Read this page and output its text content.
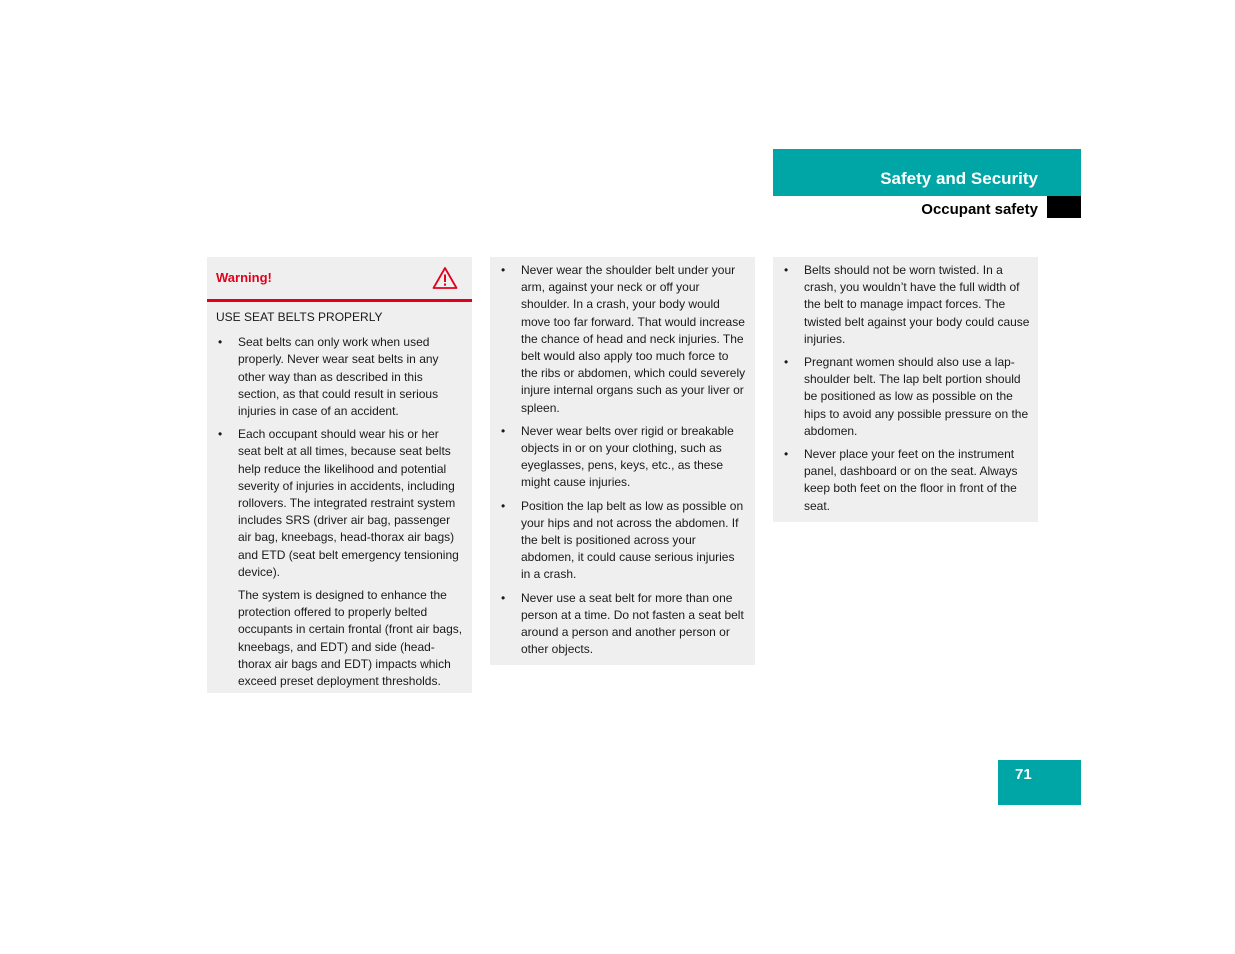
Safety and Security
Occupant safety

Warning!

USE SEAT BELTS PROPERLY

• Seat belts can only work when used properly. Never wear seat belts in any other way than as described in this section, as that could result in serious injuries in case of an accident.
• Each occupant should wear his or her seat belt at all times, because seat belts help reduce the likelihood and potential severity of injuries in accidents, including rollovers. The integrated restraint system includes SRS (driver air bag, passenger air bag, kneebags, head-thorax air bags) and ETD (seat belt emergency tensioning device).

The system is designed to enhance the protection offered to properly belted occupants in certain frontal (front air bags, kneebags, and EDT) and side (head-thorax air bags and EDT) impacts which exceed preset deployment thresholds.

• Never wear the shoulder belt under your arm, against your neck or off your shoulder. In a crash, your body would move too far forward. That would increase the chance of head and neck injuries. The belt would also apply too much force to the ribs or abdomen, which could severely injure internal organs such as your liver or spleen.
• Never wear belts over rigid or breakable objects in or on your clothing, such as eyeglasses, pens, keys, etc., as these might cause injuries.
• Position the lap belt as low as possible on your hips and not across the abdomen. If the belt is positioned across your abdomen, it could cause serious injuries in a crash.
• Never use a seat belt for more than one person at a time. Do not fasten a seat belt around a person and another person or other objects.
• Belts should not be worn twisted. In a crash, you wouldn’t have the full width of the belt to manage impact forces. The twisted belt against your body could cause injuries.
• Pregnant women should also use a lap-shoulder belt. The lap belt portion should be positioned as low as possible on the hips to avoid any possible pressure on the abdomen.
• Never place your feet on the instrument panel, dashboard or on the seat. Always keep both feet on the floor in front of the seat.

71
